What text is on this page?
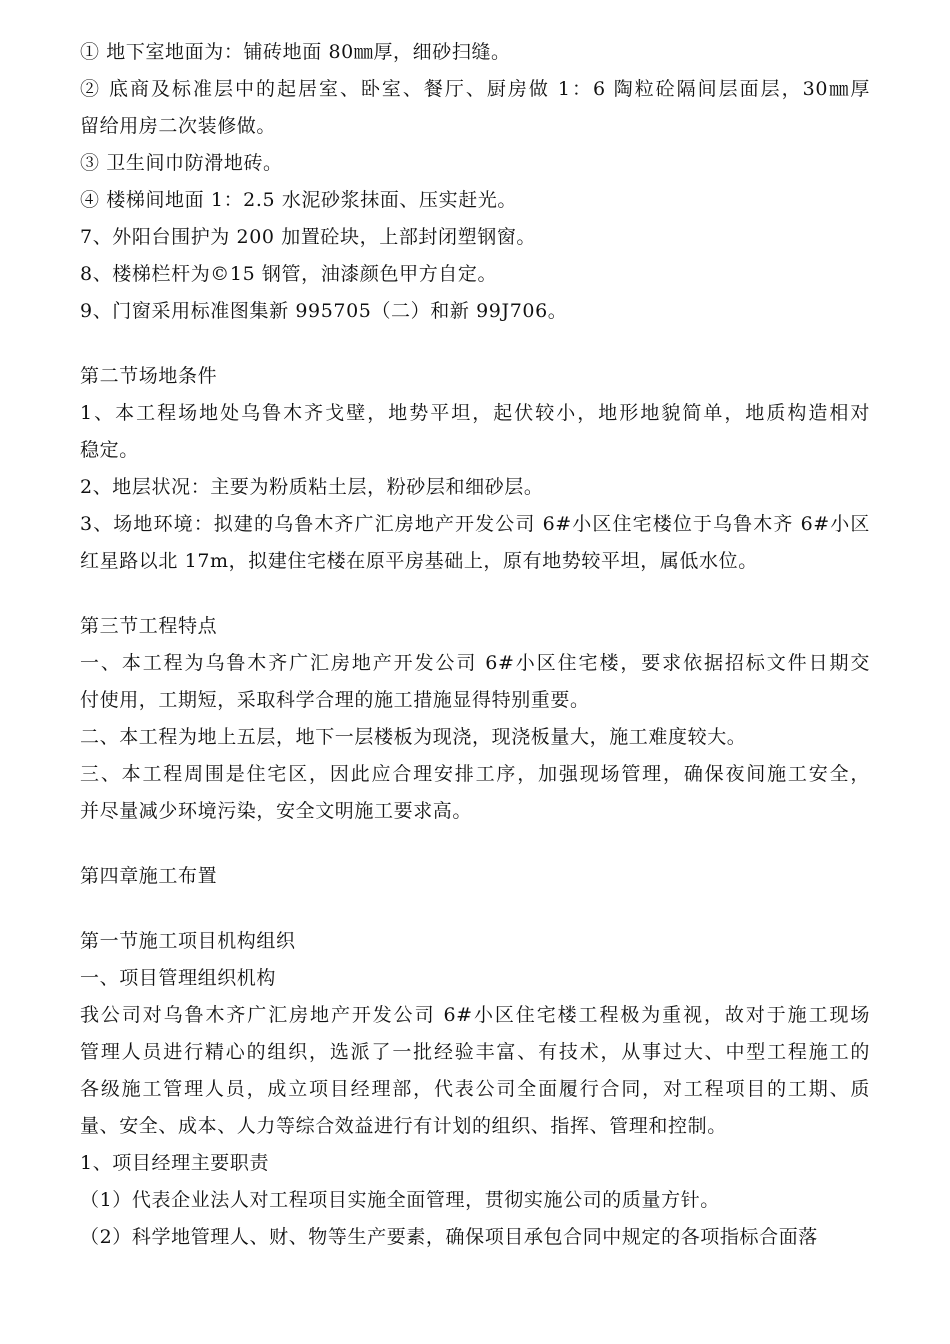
① 地下室地面为：铺砖地面 80㎜厚，细砂扫缝。
② 底商及标准层中的起居室、卧室、餐厅、厨房做 1：6 陶粒砼隔间层面层，30㎜厚
留给用房二次装修做。
③ 卫生间巾防滑地砖。
④ 楼梯间地面 1：2.5 水泥砂浆抹面、压实赶光。
7、外阳台围护为 200 加置砼块，上部封闭塑钢窗。
8、楼梯栏杆为©15 钢管，油漆颜色甲方自定。
9、门窗采用标准图集新 995705（二）和新 99J706。
第二节场地条件
1、本工程场地处乌鲁木齐戈壁，地势平坦，起伏较小，地形地貌简单，地质构造相对
稳定。
2、地层状况：主要为粉质粘土层，粉砂层和细砂层。
3、场地环境：拟建的乌鲁木齐广汇房地产开发公司 6#小区住宅楼位于乌鲁木齐 6#小区
红星路以北 17m，拟建住宅楼在原平房基础上，原有地势较平坦，属低水位。
第三节工程特点
一、本工程为乌鲁木齐广汇房地产开发公司 6#小区住宅楼，要求依据招标文件日期交
付使用，工期短，采取科学合理的施工措施显得特别重要。
二、本工程为地上五层，地下一层楼板为现浇，现浇板量大，施工难度较大。
三、本工程周围是住宅区，因此应合理安排工序，加强现场管理，确保夜间施工安全，
并尽量减少环境污染，安全文明施工要求高。
第四章施工布置
第一节施工项目机构组织
一、项目管理组织机构
我公司对乌鲁木齐广汇房地产开发公司 6#小区住宅楼工程极为重视，故对于施工现场
管理人员进行精心的组织，选派了一批经验丰富、有技术，从事过大、中型工程施工的
各级施工管理人员，成立项目经理部，代表公司全面履行合同，对工程项目的工期、质
量、安全、成本、人力等综合效益进行有计划的组织、指挥、管理和控制。
1、项目经理主要职责
（1）代表企业法人对工程项目实施全面管理，贯彻实施公司的质量方针。
（2）科学地管理人、财、物等生产要素，确保项目承包合同中规定的各项指标合面落
